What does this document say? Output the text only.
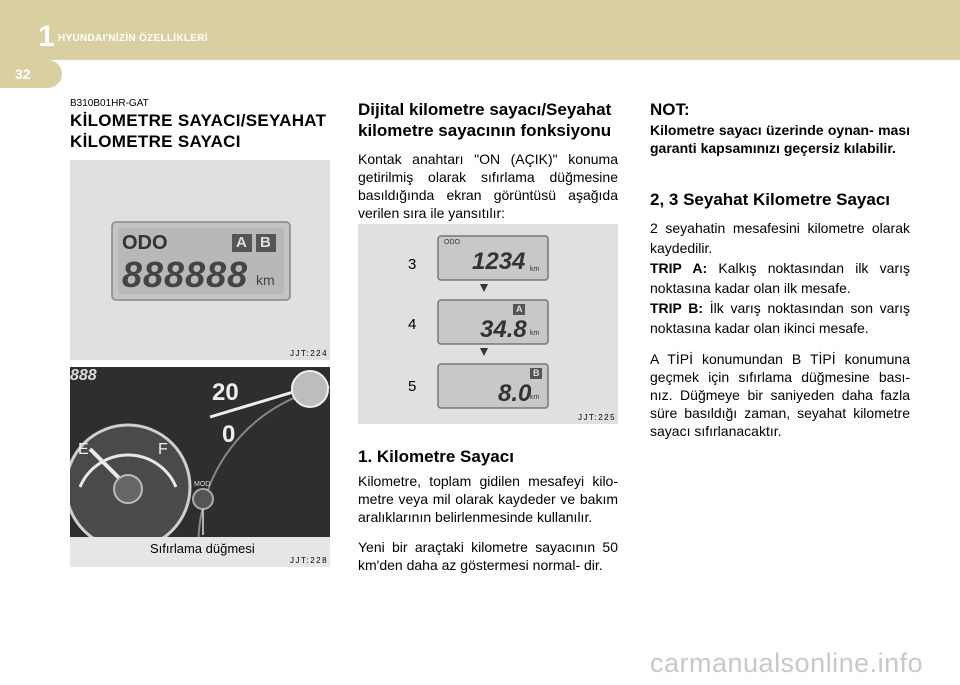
1 HYUNDAI'NİZİN ÖZELLİKLERİ
32
B310B01HR-GAT
KİLOMETRE SAYACI/SEYAHAT
KİLOMETRE SAYACI
ODO	A B
888888 km
JJT:224
888
20
0
E	F
MOD
Sıfırlama düğmesi
JJT:228
Dijital kilometre sayacı/Seyahat kilometre sayacının fonksiyonu
Kontak anahtarı "ON (AÇIK)" konuma getirilmiş olarak sıfırlama düğmesine basıldığında ekran görüntüsü aşağıda verilen sıra ile yansıtılır:
3
ODO
1234 km
4
A
34.8 km
5
B
8.0
km
JJT:225
1. Kilometre Sayacı
Kilometre, toplam gidilen mesafeyi kilo- metre veya mil olarak kaydeder ve bakım aralıklarının belirlenmesinde kullanılır.
Yeni bir araçtaki kilometre sayacının 50 km'den daha az göstermesi normal- dir.
NOT:
Kilometre sayacı üzerinde oynan- ması garanti kapsamınızı geçersiz kılabilir.
2, 3 Seyahat Kilometre Sayacı
2 seyahatin mesafesini kilometre olarak kaydedilir.
TRIP A: Kalkış noktasından ilk varış noktasına kadar olan ilk mesafe.
TRIP B: İlk varış noktasından son varış noktasına kadar olan ikinci mesafe.
A TİPİ konumundan B TİPİ konumuna geçmek için sıfırlama düğmesine bası- nız. Düğmeye bir saniyeden daha fazla süre basıldığı zaman, seyahat kilometre sayacı sıfırlanacaktır.
carmanualsonline.info
